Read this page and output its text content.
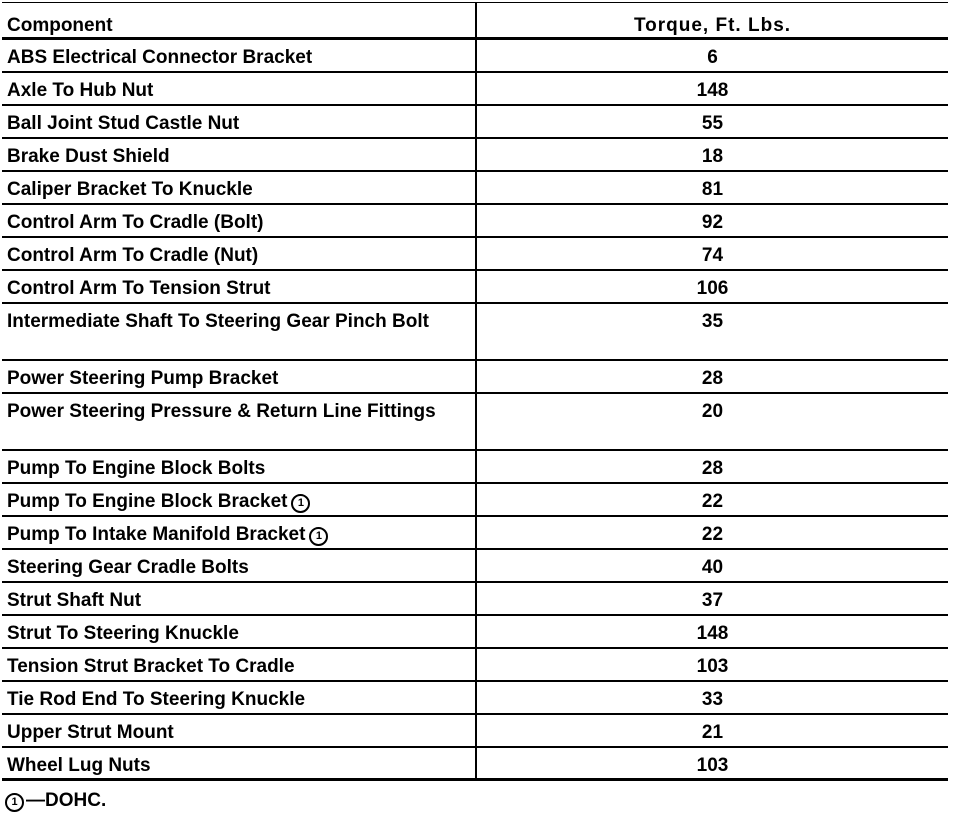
Component	Torque, Ft. Lbs.
ABS Electrical Connector Bracket	6
Axle To Hub Nut	148
Ball Joint Stud Castle Nut	55
Brake Dust Shield	18
Caliper Bracket To Knuckle	81
Control Arm To Cradle (Bolt)	92
Control Arm To Cradle (Nut)	74
Control Arm To Tension Strut	106
Intermediate Shaft To Steering Gear Pinch Bolt	35
Power Steering Pump Bracket	28
Power Steering Pressure & Return Line Fittings	20
Pump To Engine Block Bolts	28
Pump To Engine Block Bracket 1	22
Pump To Intake Manifold Bracket 1	22
Steering Gear Cradle Bolts	40
Strut Shaft Nut	37
Strut To Steering Knuckle	148
Tension Strut Bracket To Cradle	103
Tie Rod End To Steering Knuckle	33
Upper Strut Mount	21
Wheel Lug Nuts	103
1 —DOHC.
